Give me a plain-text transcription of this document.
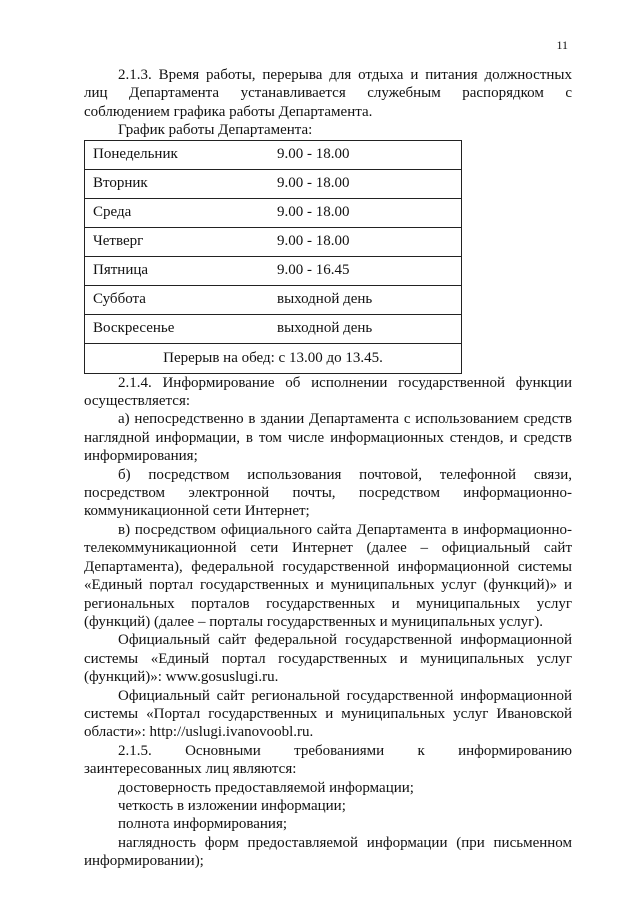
11

2.1.3. Время работы, перерыва для отдыха и питания должностных лиц Департамента устанавливается служебным распорядком с соблюдением графика работы Департамента.

График работы Департамента:

Понедельник	9.00 - 18.00
Вторник	9.00 - 18.00
Среда	9.00 - 18.00
Четверг	9.00 - 18.00
Пятница	9.00 - 16.45
Суббота	выходной день
Воскресенье	выходной день
Перерыв на обед: с 13.00 до 13.45.	

2.1.4. Информирование об исполнении государственной функции осуществляется:

а) непосредственно в здании Департамента с использованием средств наглядной информации, в том числе информационных стендов, и средств информирования;

б) посредством использования почтовой, телефонной связи, посредством электронной почты, посредством информационно-коммуникационной сети Интернет;

в) посредством официального сайта Департамента в информационно-телекоммуникационной сети Интернет (далее – официальный сайт Департамента), федеральной государственной информационной системы «Единый портал государственных и муниципальных услуг (функций)» и региональных порталов государственных и муниципальных услуг (функций) (далее – порталы государственных и муниципальных услуг).

Официальный сайт федеральной государственной информационной системы «Единый портал государственных и муниципальных услуг (функций)»: www.gosuslugi.ru.

Официальный сайт региональной государственной информационной системы «Портал государственных и муниципальных услуг Ивановской области»: http://uslugi.ivanovoobl.ru.

2.1.5. Основными требованиями к информированию заинтересованных лиц являются:

достоверность предоставляемой информации;

четкость в изложении информации;

полнота информирования;

наглядность форм предоставляемой информации (при письменном информировании);
